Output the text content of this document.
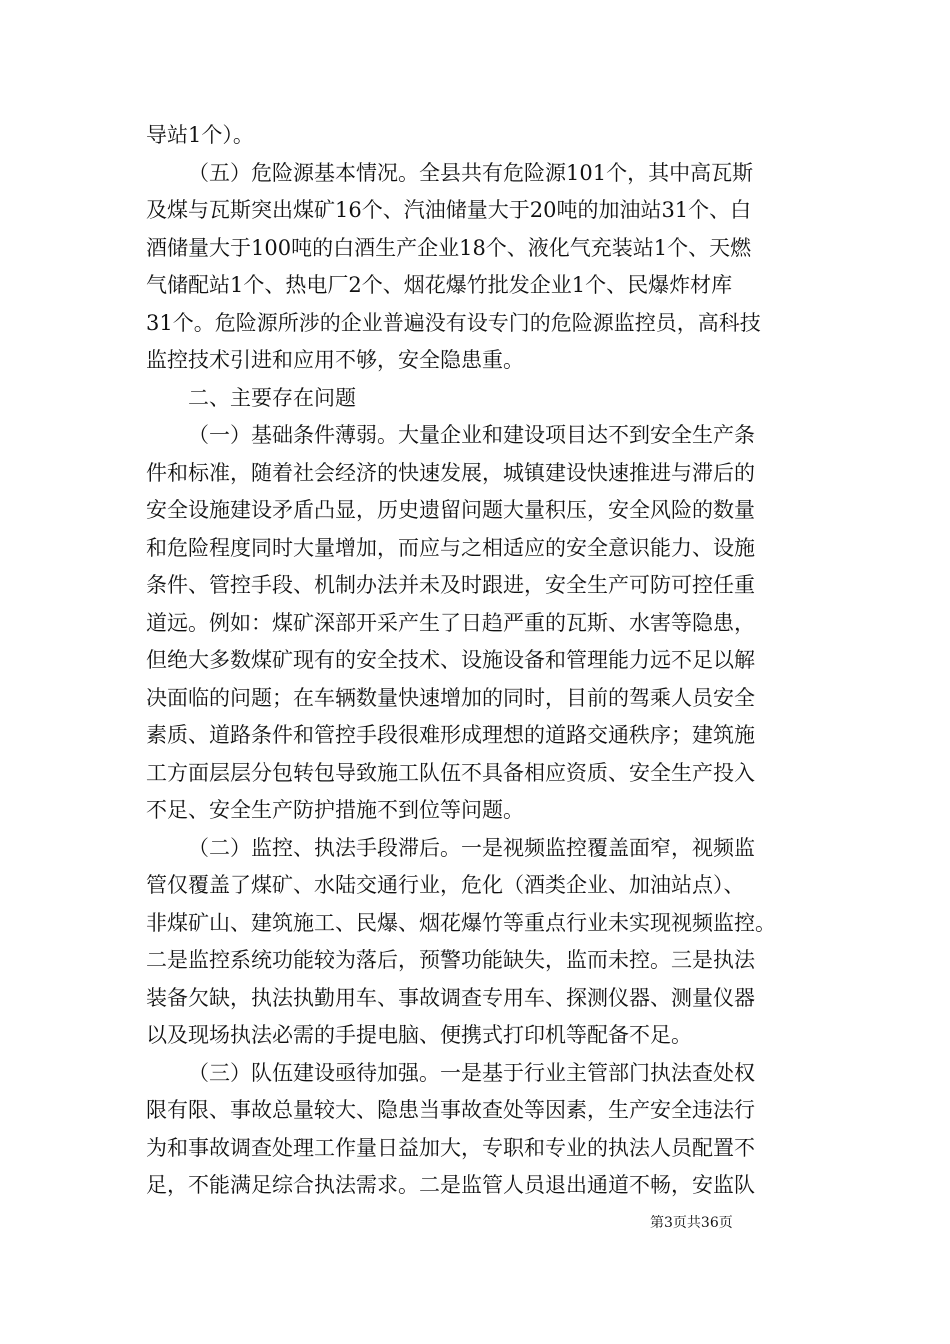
导站1个）。
（五）危险源基本情况。全县共有危险源101个，其中高瓦斯
及煤与瓦斯突出煤矿16个、汽油储量大于20吨的加油站31个、白
酒储量大于100吨的白酒生产企业18个、液化气充装站1个、天燃
气储配站1个、热电厂2个、烟花爆竹批发企业1个、民爆炸材库
31个。危险源所涉的企业普遍没有设专门的危险源监控员，高科技
监控技术引进和应用不够，安全隐患重。
二、主要存在问题
（一）基础条件薄弱。大量企业和建设项目达不到安全生产条
件和标准，随着社会经济的快速发展，城镇建设快速推进与滞后的
安全设施建设矛盾凸显，历史遗留问题大量积压，安全风险的数量
和危险程度同时大量增加，而应与之相适应的安全意识能力、设施
条件、管控手段、机制办法并未及时跟进，安全生产可防可控任重
道远。例如：煤矿深部开采产生了日趋严重的瓦斯、水害等隐患，
但绝大多数煤矿现有的安全技术、设施设备和管理能力远不足以解
决面临的问题；在车辆数量快速增加的同时，目前的驾乘人员安全
素质、道路条件和管控手段很难形成理想的道路交通秩序；建筑施
工方面层层分包转包导致施工队伍不具备相应资质、安全生产投入
不足、安全生产防护措施不到位等问题。
（二）监控、执法手段滞后。一是视频监控覆盖面窄，视频监
管仅覆盖了煤矿、水陆交通行业，危化（酒类企业、加油站点）、
非煤矿山、建筑施工、民爆、烟花爆竹等重点行业未实现视频监控。
二是监控系统功能较为落后，预警功能缺失，监而未控。三是执法
装备欠缺，执法执勤用车、事故调查专用车、探测仪器、测量仪器
以及现场执法必需的手提电脑、便携式打印机等配备不足。
（三）队伍建设亟待加强。一是基于行业主管部门执法查处权
限有限、事故总量较大、隐患当事故查处等因素，生产安全违法行
为和事故调查处理工作量日益加大，专职和专业的执法人员配置不
足，不能满足综合执法需求。二是监管人员退出通道不畅，安监队
第3页共36页
